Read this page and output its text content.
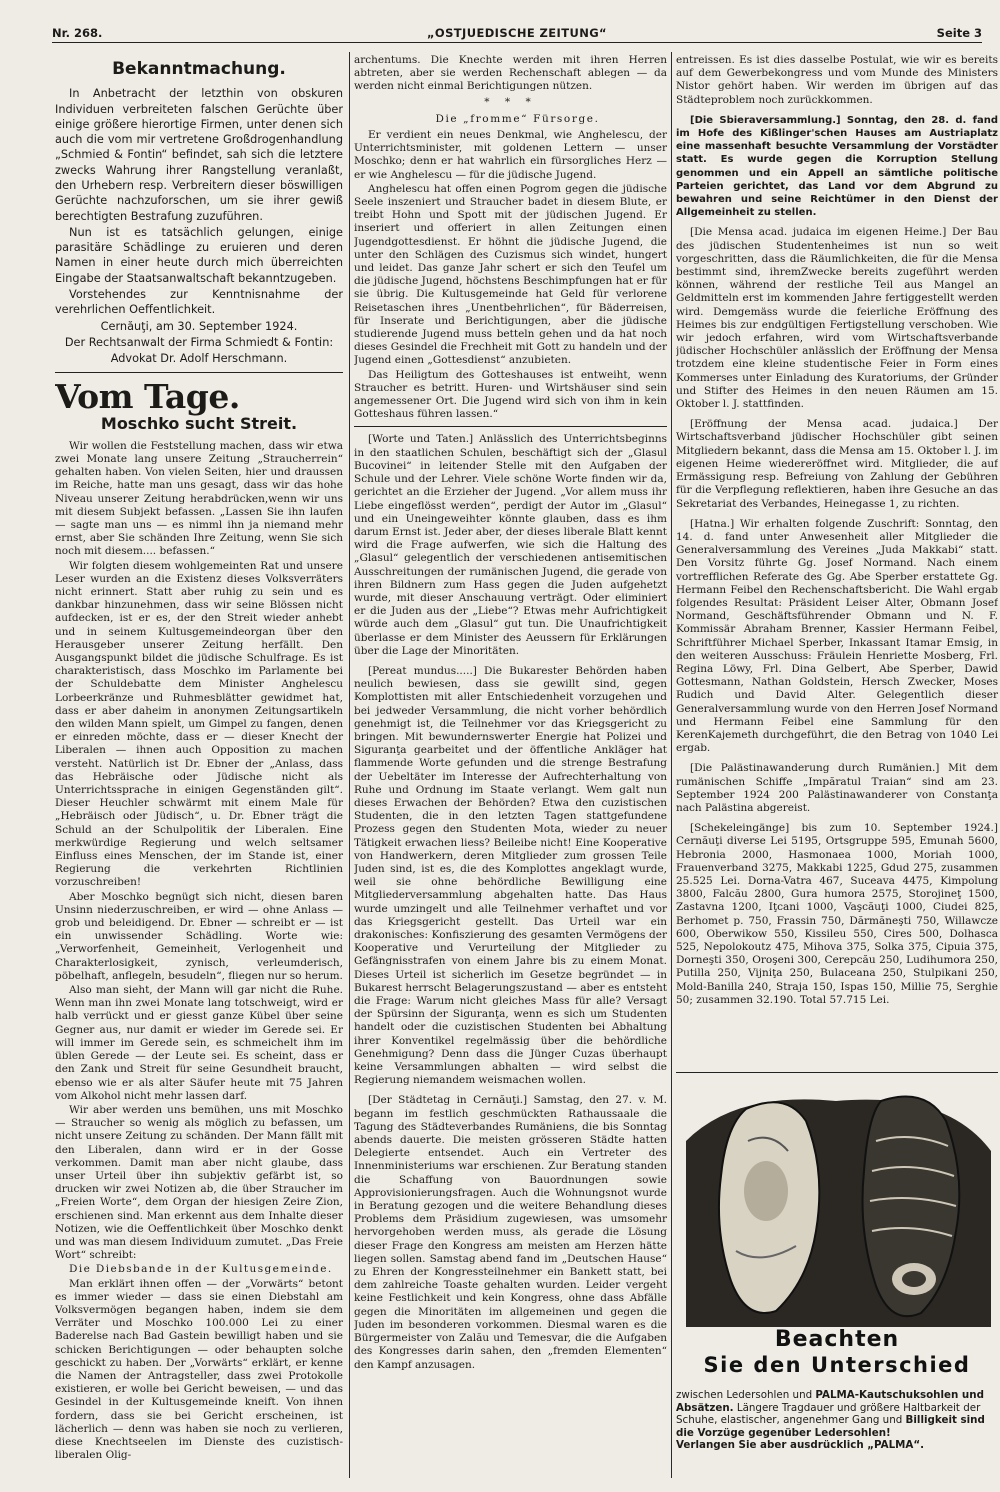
Nr. 268.	„OSTJUEDISCHE ZEITUNG“	Seite 3
Bekanntmachung.

In Anbetracht der letzthin von obskuren Individuen verbreiteten falschen Gerüchte über einige größere hierortige Firmen, unter denen sich auch die vom mir vertretene Großdrogenhandlung „Schmied & Fontin“ befindet, sah sich die letztere zwecks Wahrung ihrer Rangstellung veranlaßt, den Urhebern resp. Verbreitern dieser böswilligen Gerüchte nachzuforschen, um sie ihrer gewiß berechtigten Bestrafung zuzuführen.

Nun ist es tatsächlich gelungen, einige parasitäre Schädlinge zu eruieren und deren Namen in einer heute durch mich überreichten Eingabe der Staatsanwaltschaft bekanntzugeben.

Vorstehendes zur Kenntnisnahme der verehrlichen Oeffentlichkeit.

Cernăuţi, am 30. September 1924.

Der Rechtsanwalt der Firma Schmiedt & Fontin:

Advokat Dr. Adolf Herschmann.

Vom Tage.
Moschko sucht Streit.

Wir wollen die Feststellung machen, dass wir etwa zwei Monate lang unsere Zeitung „Straucherrein“ gehalten haben. Von vielen Seiten, hier und draussen im Reiche, hatte man uns gesagt, dass wir das hohe Niveau unserer Zeitung herabdrücken,wenn wir uns mit diesem Subjekt befassen. „Lassen Sie ihn laufen — sagte man uns — es nimml ihn ja niemand mehr ernst, aber Sie schänden Ihre Zeitung, wenn Sie sich noch mit diesem.... befassen.“

Wir folgten diesem wohlgemeinten Rat und unsere Leser wurden an die Existenz dieses Volksverräters nicht erinnert. Statt aber ruhig zu sein und es dankbar hinzunehmen, dass wir seine Blössen nicht aufdecken, ist er es, der den Streit wieder anhebt und in seinem Kultusgemeindeorgan über den Herausgeber unserer Zeitung herfällt. Den Ausgangspunkt bildet die jüdische Schulfrage. Es ist charakteristisch, dass Moschko im Parlamente bei der Schuldebatte dem Minister Anghelescu Lorbeerkränze und Ruhmesblätter gewidmet hat, dass er aber daheim in anonymen Zeitungsartikeln den wilden Mann spielt, um Gimpel zu fangen, denen er einreden möchte, dass er — dieser Knecht der Liberalen — ihnen auch Opposition zu machen versteht. Natürlich ist Dr. Ebner der „Anlass, dass das Hebräische oder Jüdische nicht als Unterrichtssprache in einigen Gegenständen gilt“. Dieser Heuchler schwärmt mit einem Male für „Hebräisch oder Jüdisch“, u. Dr. Ebner trägt die Schuld an der Schulpolitik der Liberalen. Eine merkwürdige Regierung und welch seltsamer Einfluss eines Menschen, der im Stande ist, einer Regierung die verkehrten Richtlinien vorzuschreiben!

Aber Moschko begnügt sich nicht, diesen baren Unsinn niederzuschreiben, er wird — ohne Anlass — grob und beleidigend. Dr. Ebner — schreibt er — ist ein unwissender Schädling. Worte wie: „Verworfenheit, Gemeinheit, Verlogenheit und Charakterlosigkeit, zynisch, verleumderisch, pöbelhaft, anflegeln, besudeln“, fliegen nur so herum.

Also man sieht, der Mann will gar nicht die Ruhe. Wenn man ihn zwei Monate lang totschweigt, wird er halb verrückt und er giesst ganze Kübel über seine Gegner aus, nur damit er wieder im Gerede sei. Er will immer im Gerede sein, es schmeichelt ihm im üblen Gerede — der Leute sei. Es scheint, dass er den Zank und Streit für seine Gesundheit braucht, ebenso wie er als alter Säufer heute mit 75 Jahren vom Alkohol nicht mehr lassen darf.

Wir aber werden uns bemühen, uns mit Moschko — Straucher so wenig als möglich zu befassen, um nicht unsere Zeitung zu schänden. Der Mann fällt mit den Liberalen, dann wird er in der Gosse verkommen. Damit man aber nicht glaube, dass unser Urteil über ihn subjektiv gefärbt ist, so drucken wir zwei Notizen ab, die über Straucher im „Freien Worte“, dem Organ der hiesigen Zeire Zion, erschienen sind. Man erkennt aus dem Inhalte dieser Notizen, wie die Oeffentlichkeit über Moschko denkt und was man diesem Individuum zumutet. „Das Freie Wort“ schreibt:

Die Diebsbande in der Kultusgemeinde.

Man erklärt ihnen offen — der „Vorwärts“ betont es immer wieder — dass sie einen Diebstahl am Volksvermögen begangen haben, indem sie dem Verräter und Moschko 100.000 Lei zu einer Baderelse nach Bad Gastein bewilligt haben und sie schicken Berichtigungen — oder behaupten solche geschickt zu haben. Der „Vorwärts“ erklärt, er kenne die Namen der Antragsteller, dass zwei Protokolle existieren, er wolle bei Gericht beweisen, — und das Gesindel in der Kultusgemeinde kneift. Von ihnen fordern, dass sie bei Gericht erscheinen, ist lächerlich — denn was haben sie noch zu verlieren, diese Knechtseelen im Dienste des cuzistisch-liberalen Olig-

archentums. Die Knechte werden mit ihren Herren abtreten, aber sie werden Rechenschaft ablegen — da werden nicht einmal Berichtigungen nützen.

* * *

Die „fromme“ Fürsorge.

Er verdient ein neues Denkmal, wie Anghelescu, der Unterrichtsminister, mit goldenen Lettern — unser Moschko; denn er hat wahrlich ein fürsorgliches Herz — er wie Anghelescu — für die jüdische Jugend.

Anghelescu hat offen einen Pogrom gegen die jüdische Seele inszeniert und Straucher badet in diesem Blute, er treibt Hohn und Spott mit der jüdischen Jugend. Er inseriert und offeriert in allen Zeitungen einen Jugendgottesdienst. Er höhnt die jüdische Jugend, die unter den Schlägen des Cuzismus sich windet, hungert und leidet. Das ganze Jahr schert er sich den Teufel um die jüdische Jugend, höchstens Beschimpfungen hat er für sie übrig. Die Kultusgemeinde hat Geld für verlorene Reisetaschen ihres „Unentbehrlichen“, für Bäderreisen, für Inserate und Berichtigungen, aber die jüdische studierende Jugend muss betteln gehen und da hat noch dieses Gesindel die Frechheit mit Gott zu handeln und der Jugend einen „Gottesdienst“ anzubieten.

Das Heiligtum des Gotteshauses ist entweiht, wenn Straucher es betritt. Huren- und Wirtshäuser sind sein angemessener Ort. Die Jugend wird sich von ihm in kein Gotteshaus führen lassen.“

[Worte und Taten.] Anlässlich des Unterrichtsbeginns in den staatlichen Schulen, beschäftigt sich der „Glasul Bucovinei“ in leitender Stelle mit den Aufgaben der Schule und der Lehrer. Viele schöne Worte finden wir da, gerichtet an die Erzieher der Jugend. „Vor allem muss ihr Liebe eingeflösst werden“, perdigt der Autor im „Glasul“ und ein Uneingeweihter könnte glauben, dass es ihm darum Ernst ist. Jeder aber, der dieses liberale Blatt kennt wird die Frage aufwerfen, wie sich die Haltung des „Glasul“ gelegentlich der verschiedenen antisemitischen Ausschreitungen der rumänischen Jugend, die gerade von ihren Bildnern zum Hass gegen die Juden aufgehetzt wurde, mit dieser Anschauung verträgt. Oder eliminiert er die Juden aus der „Liebe“? Etwas mehr Aufrichtigkeit würde auch dem „Glasul“ gut tun. Die Unaufrichtigkeit überlasse er dem Minister des Aeussern für Erklärungen über die Lage der Minoritäten.

[Pereat mundus.....] Die Bukarester Behörden haben neulich bewiesen, dass sie gewillt sind, gegen Komplottisten mit aller Entschiedenheit vorzugehen und bei jedweder Versammlung, die nicht vorher behördlich genehmigt ist, die Teilnehmer vor das Kriegsgericht zu bringen. Mit bewundernswerter Energie hat Polizei und Siguranţa gearbeitet und der öffentliche Ankläger hat flammende Worte gefunden und die strenge Bestrafung der Uebeltäter im Interesse der Aufrechterhaltung von Ruhe und Ordnung im Staate verlangt. Wem galt nun dieses Erwachen der Behörden? Etwa den cuzistischen Studenten, die in den letzten Tagen stattgefundene Prozess gegen den Studenten Mota, wieder zu neuer Tätigkeit erwachen liess? Beileibe nicht! Eine Kooperative von Handwerkern, deren Mitglieder zum grossen Teile Juden sind, ist es, die des Komplottes angeklagt wurde, weil sie ohne behördliche Bewilligung eine Mitgliederversammlung abgehalten hatte. Das Haus wurde umzingelt und alle Teilnehmer verhaftet und vor das Kriegsgericht gestellt. Das Urteil war ein drakonisches: Konfiszierung des gesamten Vermögens der Kooperative und Verurteilung der Mitglieder zu Gefängnisstrafen von einem Jahre bis zu einem Monat. Dieses Urteil ist sicherlich im Gesetze begründet — in Bukarest herrscht Belagerungszustand — aber es entsteht die Frage: Warum nicht gleiches Mass für alle? Versagt der Spürsinn der Siguranţa, wenn es sich um Studenten handelt oder die cuzistischen Studenten bei Abhaltung ihrer Konventikel regelmässig über die behördliche Genehmigung? Denn dass die Jünger Cuzas überhaupt keine Versammlungen abhalten — wird selbst die Regierung niemandem weismachen wollen.

[Der Städtetag in Cernăuţi.] Samstag, den 27. v. M. begann im festlich geschmückten Rathaussaale die Tagung des Städteverbandes Rumäniens, die bis Sonntag abends dauerte. Die meisten grösseren Städte hatten Delegierte entsendet. Auch ein Vertreter des Innenministeriums war erschienen. Zur Beratung standen die Schaffung von Bauordnungen sowie Approvisionierungsfragen. Auch die Wohnungsnot wurde in Beratung gezogen und die weitere Behandlung dieses Problems dem Präsidium zugewiesen, was umsomehr hervorgehoben werden muss, als gerade die Lösung dieser Frage den Kongress am meisten am Herzen hätte liegen sollen. Samstag abend fand im „Deutschen Hause“ zu Ehren der Kongressteilnehmer ein Bankett statt, bei dem zahlreiche Toaste gehalten wurden. Leider vergeht keine Festlichkeit und kein Kongress, ohne dass Abfälle gegen die Minoritäten im allgemeinen und gegen die Juden im besonderen vorkommen. Diesmal waren es die Bürgermeister von Zalău und Temesvar, die die Aufgaben des Kongresses darin sahen, den „fremden Elementen“ den Kampf anzusagen.

entreissen. Es ist dies dasselbe Postulat, wie wir es bereits auf dem Gewerbekongress und vom Munde des Ministers Nistor gehört haben. Wir werden im übrigen auf das Städteproblem noch zurückkommen.

[Die Sbieraversammlung.] Sonntag, den 28. d. fand im Hofe des Kißlinger'schen Hauses am Austriaplatz eine massenhaft besuchte Versammlung der Vorstädter statt. Es wurde gegen die Korruption Stellung genommen und ein Appell an sämtliche politische Parteien gerichtet, das Land vor dem Abgrund zu bewahren und seine Reichtümer in den Dienst der Allgemeinheit zu stellen.

[Die Mensa acad. judaica im eigenen Heime.] Der Bau des jüdischen Studentenheimes ist nun so weit vorgeschritten, dass die Räumlichkeiten, die für die Mensa bestimmt sind, ihremZwecke bereits zugeführt werden können, während der restliche Teil aus Mangel an Geldmitteln erst im kommenden Jahre fertiggestellt werden wird. Demgemäss wurde die feierliche Eröffnung des Heimes bis zur endgültigen Fertigstellung verschoben. Wie wir jedoch erfahren, wird vom Wirtschaftsverbande jüdischer Hochschüler anlässlich der Eröffnung der Mensa trotzdem eine kleine studentische Feier in Form eines Kommerses unter Einladung des Kuratoriums, der Gründer und Stifter des Heimes in den neuen Räumen am 15. Oktober l. J. stattfinden.

[Eröffnung der Mensa acad. judaica.] Der Wirtschaftsverband jüdischer Hochschüler gibt seinen Mitgliedern bekannt, dass die Mensa am 15. Oktober l. J. im eigenen Heime wiedereröffnet wird. Mitglieder, die auf Ermässigung resp. Befreiung von Zahlung der Gebühren für die Verpflegung reflektieren, haben ihre Gesuche an das Sekretariat des Verbandes, Heinegasse 1, zu richten.

[Hatna.] Wir erhalten folgende Zuschrift: Sonntag, den 14. d. fand unter Anwesenheit aller Mitglieder die Generalversammlung des Vereines „Juda Makkabi“ statt. Den Vorsitz führte Gg. Josef Normand. Nach einem vortrefflichen Referate des Gg. Abe Sperber erstattete Gg. Hermann Feibel den Rechenschaftsbericht. Die Wahl ergab folgendes Resultat: Präsident Leiser Alter, Obmann Josef Normand, Geschäftsführender Obmann und N. F. Kommissär Abraham Brenner, Kassier Hermann Feibel, Schriftführer Michael Sperber, Inkassant Itamar Emsig, in den weiteren Ausschuss: Fräulein Henriette Mosberg, Frl. Regina Löwy, Frl. Dina Gelbert, Abe Sperber, Dawid Gottesmann, Nathan Goldstein, Hersch Zwecker, Moses Rudich und David Alter. Gelegentlich dieser Generalversammlung wurde von den Herren Josef Normand und Hermann Feibel eine Sammlung für den KerenKajemeth durchgeführt, die den Betrag von 1040 Lei ergab.

[Die Palästinawanderung durch Rumänien.] Mit dem rumänischen Schiffe „Impăratul Traian“ sind am 23. September 1924 200 Palästinawanderer von Constanţa nach Palästina abgereist.

[Schekeleingänge] bis zum 10. September 1924.] Cernăuţi diverse Lei 5195, Ortsgruppe 595, Emunah 5600, Hebronia 2000, Hasmonaea 1000, Moriah 1000, Frauenverband 3275, Makkabi 1225, Gdud 275, zusammen 25.525 Lei. Dorna-Vatra 467, Suceava 4475, Kimpolung 3800, Falcău 2800, Gura humora 2575, Storojineţ 1500, Zastavna 1200, Iţcani 1000, Vaşcăuţi 1000, Ciudei 825, Berhomet p. 750, Frassin 750, Dărmăneşti 750, Willawcze 600, Oberwikow 550, Kissileu 550, Cires 500, Dolhasca 525, Nepolokoutz 475, Mihova 375, Solka 375, Cipuia 375, Dorneşti 350, Oroşeni 300, Cerepcău 250, Ludihumora 250, Putilla 250, Vijniţa 250, Bulaceana 250, Stulpikani 250, Mold-Banilla 240, Straja 150, Ispas 150, Millie 75, Serghie 50; zusammen 32.190. Total 57.715 Lei.

Beachten
Sie den Unterschied
zwischen Ledersohlen und PALMA-Kautschuksohlen und Absätzen. Längere Tragdauer und größere Haltbarkeit der Schuhe, elastischer, angenehmer Gang und Billigkeit sind die Vorzüge gegenüber Ledersohlen!
Verlangen Sie aber ausdrücklich „PALMA“.
